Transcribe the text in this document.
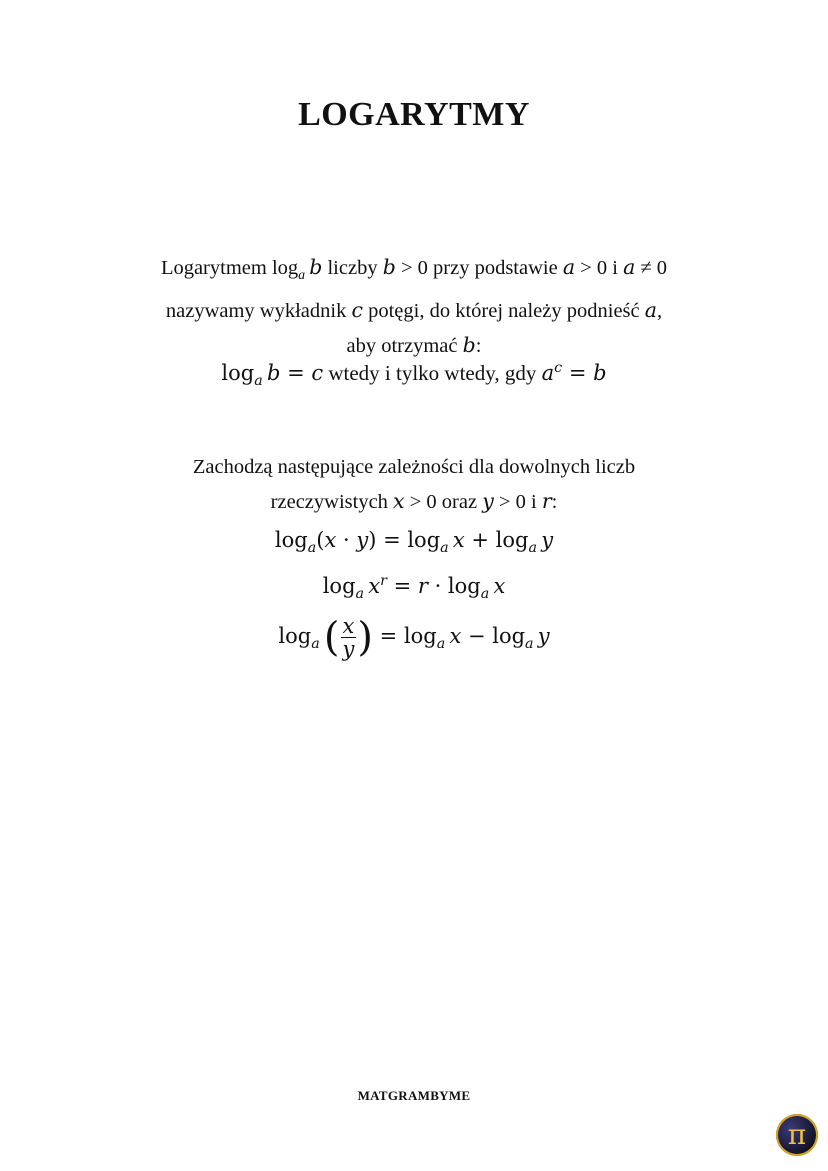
LOGARYTMY
Logarytmem $\log_a b$ liczby b > 0 przy podstawie a > 0 i a ≠ 0
nazywamy wykładnik c potęgi, do której należy podnieść a,
aby otrzymać b:
$\log_a b = c$ wtedy i tylko wtedy, gdy $a^c = b$
Zachodzą następujące zależności dla dowolnych liczb
rzeczywistych x > 0 oraz y > 0 i r:
$\log_a(x \cdot y) = \log_a x + \log_a y$
$\log_a x^r = r \cdot \log_a x$
$\log_a$  ( $\frac{x}{y}$ ) = $\log_a x - \log_a y$
MATGRAMBYME
π
